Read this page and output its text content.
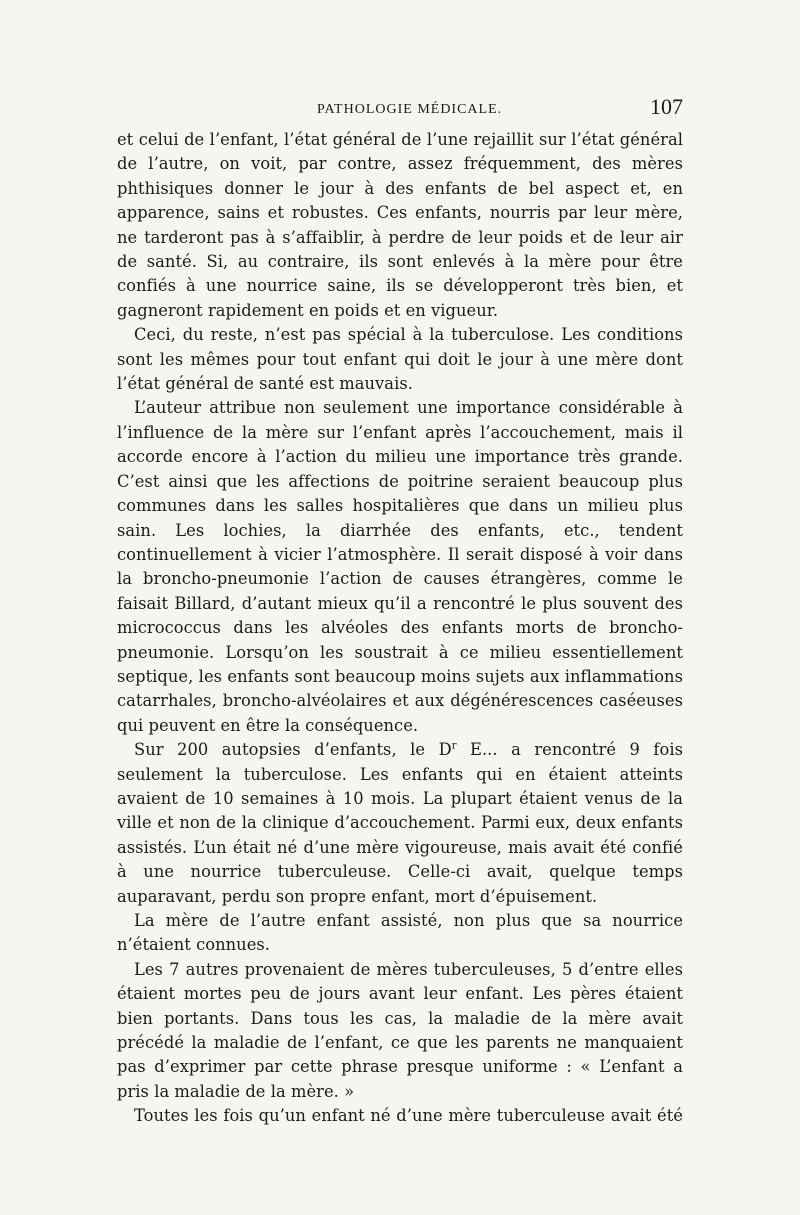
PATHOLOGIE MÉDICALE.	107

et celui de l’enfant, l’état général de l’une rejaillit sur l’état général de l’autre, on voit, par contre, assez fréquemment, des mères phthisiques donner le jour à des enfants de bel aspect et, en apparence, sains et robustes. Ces enfants, nourris par leur mère, ne tarderont pas à s’affaiblir, à perdre de leur poids et de leur air de santé. Si, au contraire, ils sont enlevés à la mère pour être confiés à une nourrice saine, ils se développeront très bien, et gagneront rapidement en poids et en vigueur.

Ceci, du reste, n’est pas spécial à la tuberculose. Les conditions sont les mêmes pour tout enfant qui doit le jour à une mère dont l’état général de santé est mauvais.

L’auteur attribue non seulement une importance considérable à l’influence de la mère sur l’enfant après l’accouchement, mais il accorde encore à l’action du milieu une importance très grande. C’est ainsi que les affections de poitrine seraient beaucoup plus communes dans les salles hospitalières que dans un milieu plus sain. Les lochies, la diarrhée des enfants, etc., tendent continuellement à vicier l’atmosphère. Il serait disposé à voir dans la broncho-pneumonie l’action de causes étrangères, comme le faisait Billard, d’autant mieux qu’il a rencontré le plus souvent des micrococcus dans les alvéoles des enfants morts de broncho-pneumonie. Lorsqu’on les soustrait à ce milieu essentiellement septique, les enfants sont beaucoup moins sujets aux inflammations catarrhales, broncho-alvéolaires et aux dégénérescences caséeuses qui peuvent en être la conséquence.

Sur 200 autopsies d’enfants, le $D^r$ E... a rencontré 9 fois seulement la tuberculose. Les enfants qui en étaient atteints avaient de 10 semaines à 10 mois. La plupart étaient venus de la ville et non de la clinique d’accouchement. Parmi eux, deux enfants assistés. L’un était né d’une mère vigoureuse, mais avait été confié à une nourrice tuberculeuse. Celle-ci avait, quelque temps auparavant, perdu son propre enfant, mort d’épuisement.

La mère de l’autre enfant assisté, non plus que sa nourrice n’étaient connues.

Les 7 autres provenaient de mères tuberculeuses, 5 d’entre elles étaient mortes peu de jours avant leur enfant. Les pères étaient bien portants. Dans tous les cas, la maladie de la mère avait précédé la maladie de l’enfant, ce que les parents ne manquaient pas d’exprimer par cette phrase presque uniforme : « L’enfant a pris la maladie de la mère. »

Toutes les fois qu’un enfant né d’une mère tuberculeuse avait été
